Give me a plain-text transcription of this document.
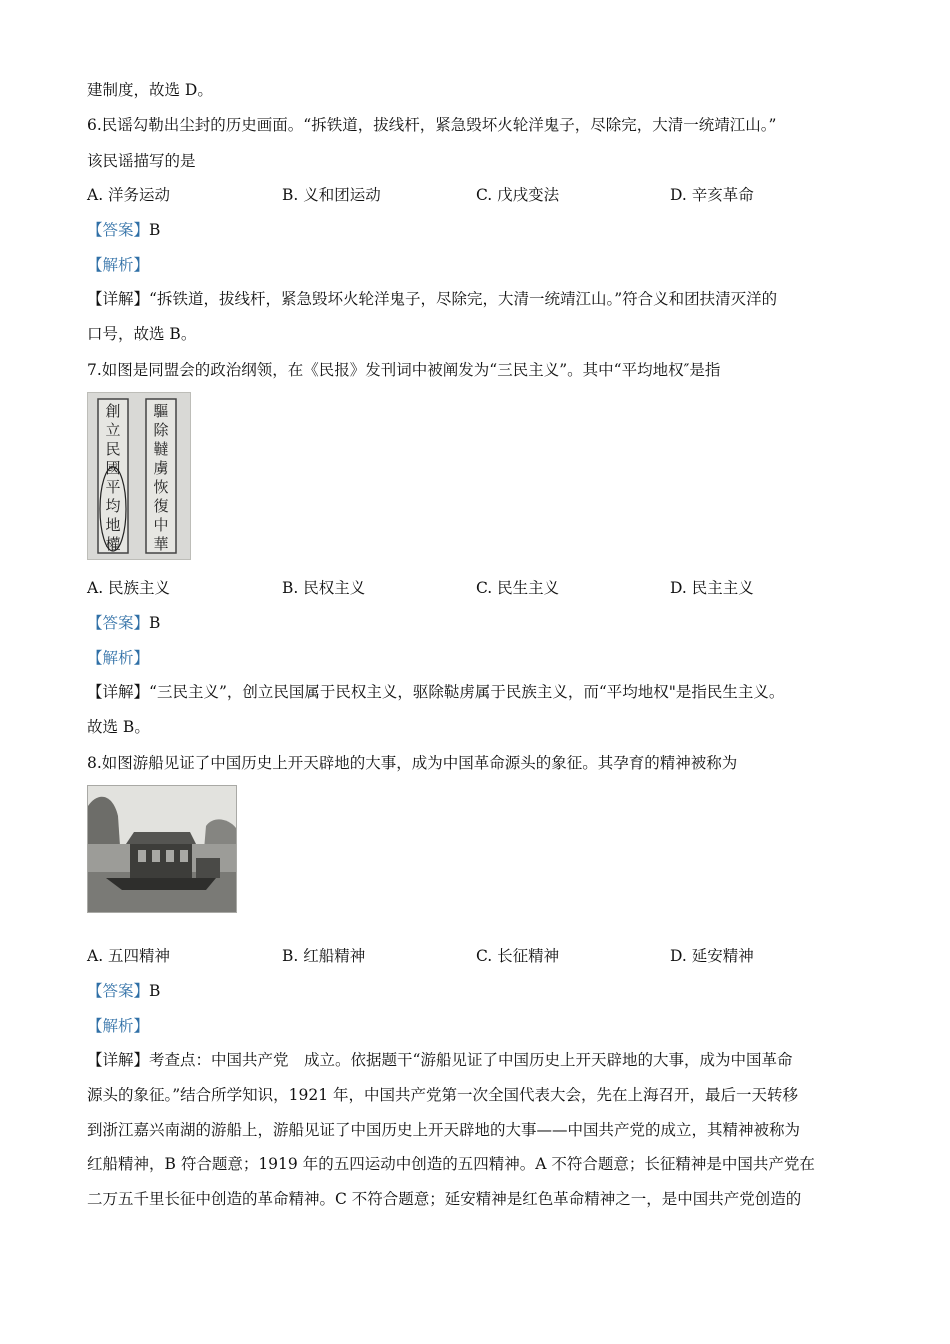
建制度，故选 D。
6.民谣勾勒出尘封的历史画面。“拆铁道，拔线杆，紧急毁坏火轮洋鬼子，尽除完，大清一统靖江山。”
该民谣描写的是
A. 洋务运动	B. 义和团运动	C. 戊戌变法	D. 辛亥革命
【答案】B
【解析】
【详解】“拆铁道，拔线杆，紧急毁坏火轮洋鬼子，尽除完，大清一统靖江山。”符合义和团扶清灭洋的
口号，故选 B。
7.如图是同盟会的政治纲领，在《民报》发刊词中被阐发为“三民主义”。其中“平均地权″是指
創
立
民
國
平
均
地
權
驅
除
韃
虜
恢
復
中
華
A. 民族主义	B. 民权主义	C. 民生主义	D. 民主主义
【答案】B
【解析】
【详解】“三民主义”，创立民国属于民权主义，驱除鞑虏属于民族主义，而“平均地权"是指民生主义。
故选 B。
8.如图游船见证了中国历史上开天辟地的大事，成为中国革命源头的象征。其孕育的精神被称为
A. 五四精神	B. 红船精神	C. 长征精神	D. 延安精神
【答案】B
【解析】
【详解】考查点：中国共产党　成立。依据题干“游船见证了中国历史上开天辟地的大事，成为中国革命
源头的象征。”结合所学知识，1921 年，中国共产党第一次全国代表大会，先在上海召开，最后一天转移
到浙江嘉兴南湖的游船上，游船见证了中国历史上开天辟地的大事——中国共产党的成立，其精神被称为
红船精神，B 符合题意；1919 年的五四运动中创造的五四精神。A 不符合题意；长征精神是中国共产党在
二万五千里长征中创造的革命精神。C 不符合题意；延安精神是红色革命精神之一，是中国共产党创造的
